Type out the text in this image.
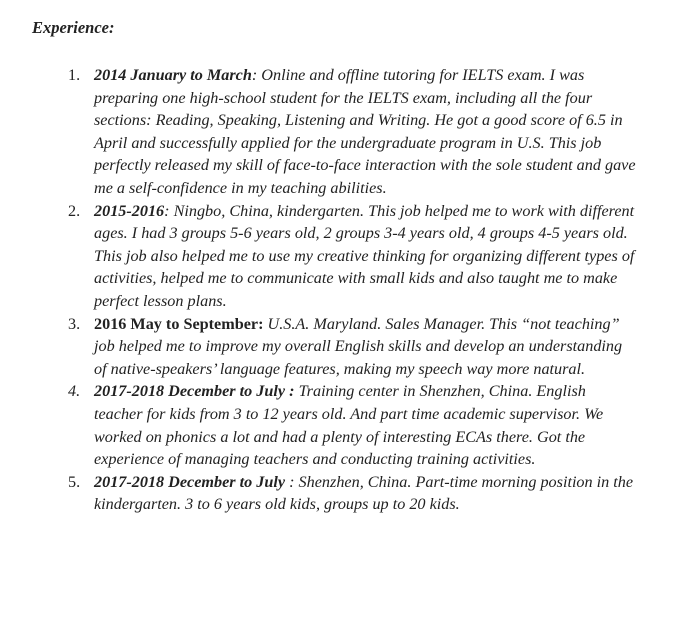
Experience:
1. 2014 January to March: Online and offline tutoring for IELTS exam. I was preparing one high-school student for the IELTS exam, including all the four sections: Reading, Speaking, Listening and Writing. He got a good score of 6.5 in April and successfully applied for the undergraduate program in U.S. This job perfectly released my skill of face-to-face interaction with the sole student and gave me a self-confidence in my teaching abilities.
2. 2015-2016: Ningbo, China, kindergarten. This job helped me to work with different ages. I had 3 groups 5-6 years old, 2 groups 3-4 years old, 4 groups 4-5 years old. This job also helped me to use my creative thinking for organizing different types of activities, helped me to communicate with small kids and also taught me to make perfect lesson plans.
3. 2016 May to September: U.S.A. Maryland. Sales Manager. This “not teaching” job helped me to improve my overall English skills and develop an understanding of native-speakers’ language features, making my speech way more natural.
4. 2017-2018 December to July : Training center in Shenzhen, China. English teacher for kids from 3 to 12 years old. And part time academic supervisor. We worked on phonics a lot and had a plenty of interesting ECAs there. Got the experience of managing teachers and conducting training activities.
5. 2017-2018 December to July : Shenzhen, China. Part-time morning position in the kindergarten. 3 to 6 years old kids, groups up to 20 kids.
